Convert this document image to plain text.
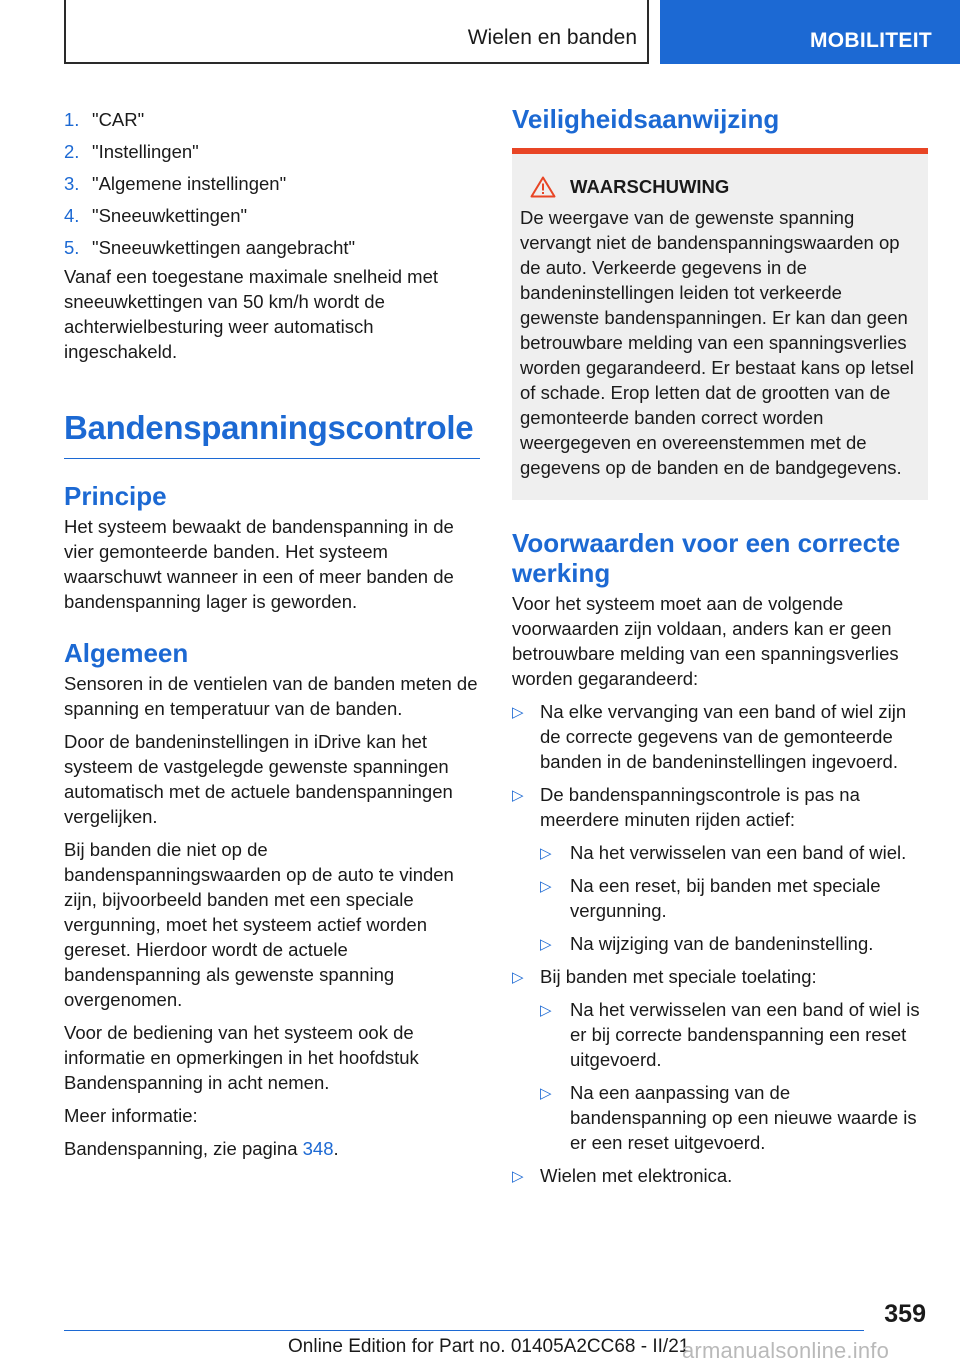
Wielen en banden	MOBILITEIT
1. "CAR"
2. "Instellingen"
3. "Algemene instellingen"
4. "Sneeuwkettingen"
5. "Sneeuwkettingen aangebracht"

Vanaf een toegestane maximale snelheid met sneeuwkettingen van 50 km/h wordt de achterwielbesturing weer automatisch ingeschakeld.

Bandenspanningscontrole
Principe

Het systeem bewaakt de bandenspanning in de vier gemonteerde banden. Het systeem waarschuwt wanneer in een of meer banden de bandenspanning lager is geworden.

Algemeen

Sensoren in de ventielen van de banden meten de spanning en temperatuur van de banden.

Door de bandeninstellingen in iDrive kan het systeem de vastgelegde gewenste spanningen automatisch met de actuele bandenspanningen vergelijken.

Bij banden die niet op de bandenspanningswaarden op de auto te vinden zijn, bijvoorbeeld banden met een speciale vergunning, moet het systeem actief worden gereset. Hierdoor wordt de actuele bandenspanning als gewenste spanning overgenomen.

Voor de bediening van het systeem ook de informatie en opmerkingen in het hoofdstuk Bandenspanning in acht nemen.

Meer informatie:

Bandenspanning, zie pagina 348.

Veiligheidsaanwijzing
WAARSCHUWING

De weergave van de gewenste spanning vervangt niet de bandenspanningswaarden op de auto. Verkeerde gegevens in de bandeninstellingen leiden tot verkeerde gewenste bandenspanningen. Er kan dan geen betrouwbare melding van een spanningsverlies worden gegarandeerd. Er bestaat kans op letsel of schade. Erop letten dat de grootten van de gemonteerde banden correct worden weergegeven en overeenstemmen met de gegevens op de banden en de bandgegevens.

Voorwaarden voor een correcte werking

Voor het systeem moet aan de volgende voorwaarden zijn voldaan, anders kan er geen betrouwbare melding van een spanningsverlies worden gegarandeerd:

▷ Na elke vervanging van een band of wiel zijn de correcte gegevens van de gemonteerde banden in de bandeninstellingen ingevoerd.
▷ De bandenspanningscontrole is pas na meerdere minuten rijden actief:
▷ Na het verwisselen van een band of wiel.
▷ Na een reset, bij banden met speciale vergunning.
▷ Na wijziging van de bandeninstelling.
▷ Bij banden met speciale toelating:
▷ Na het verwisselen van een band of wiel is er bij correcte bandenspanning een reset uitgevoerd.
▷ Na een aanpassing van de bandenspanning op een nieuwe waarde is er een reset uitgevoerd.
▷ Wielen met elektronica.
359
Online Edition for Part no. 01405A2CC68 - II/21
armanualsonline.info
